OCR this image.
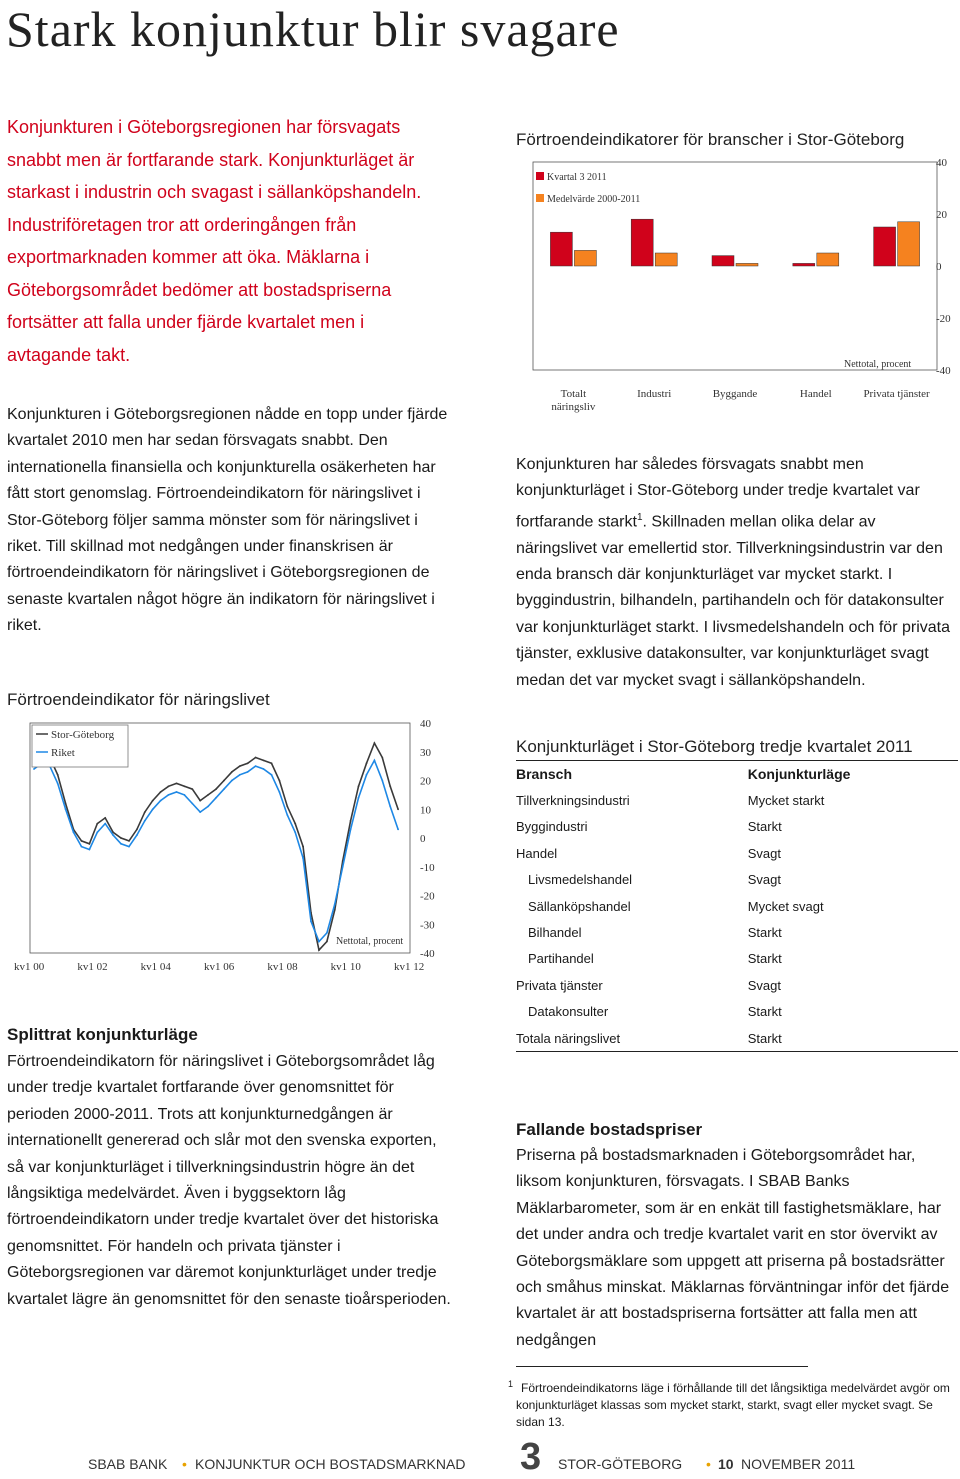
Stark konjunktur blir svagare
Konjunkturen i Göteborgsregionen har försvagats snabbt men är fortfarande stark. Konjunkturläget är starkast i industrin och svagast i sällanköpshandeln. Industriföretagen tror att orderingången från exportmarknaden kommer att öka. Mäklarna i Göteborgsområdet bedömer att bostadspriserna fortsätter att falla under fjärde kvartalet men i avtagande takt.
Konjunkturen i Göteborgsregionen nådde en topp under fjärde kvartalet 2010 men har sedan försvagats snabbt. Den internationella finansiella och konjunkturella osäkerheten har fått stort genomslag. Förtroendeindikatorn för näringslivet i Stor-Göteborg följer samma mönster som för näringslivet i riket. Till skillnad mot nedgången under finanskrisen är förtroendeindikatorn för näringslivet i Göteborgsregionen de senaste kvartalen något högre än indikatorn för näringslivet i riket.
Förtroendeindikator för näringslivet
40
30
20
10
0
-10
-20
-30
-40
kv1 00	kv1 02	kv1 04	kv1 06	kv1 08	kv1 10	kv1 12
Stor-Göteborg
Riket
Nettotal, procent
Splittrat konjunkturläge
Förtroendeindikatorn för näringslivet i Göteborgsområdet låg under tredje kvartalet fortfarande över genomsnittet för perioden 2000-2011. Trots att konjunkturnedgången är internationellt genererad och slår mot den svenska exporten, så var konjunkturläget i tillverkningsindustrin högre än det långsiktiga medelvärdet. Även i byggsektorn låg förtroendeindikatorn under tredje kvartalet över det historiska genomsnittet. För handeln och privata tjänster i Göteborgsregionen var däremot konjunkturläget under tredje kvartalet lägre än genomsnittet för den senaste tioårsperioden.
Förtroendeindikatorer för branscher i Stor-Göteborg
40
20
0
-20
-40
Kvartal 3 2011
Medelvärde 2000-2011
Nettotal, procent
Totalt näringsliv
Industri	Byggande	Handel	Privata tjänster
Konjunkturen har således försvagats snabbt men konjunkturläget i Stor-Göteborg under tredje kvartalet var fortfarande starkt$^1$. Skillnaden mellan olika delar av näringslivet var emellertid stor. Tillverkningsindustrin var den enda bransch där konjunkturläget var mycket starkt. I byggindustrin, bilhandeln, partihandeln och för datakonsulter var konjunkturläget starkt. I livsmedelshandeln och för privata tjänster, exklusive datakonsulter, var konjunkturläget svagt medan det var mycket svagt i sällanköpshandeln.
Konjunkturläget i Stor-Göteborg tredje kvartalet 2011
Bransch	Konjunkturläge
Tillverkningsindustri	Mycket starkt
Byggindustri	Starkt
Handel	Svagt
Livsmedelshandel	Svagt
Sällanköpshandel	Mycket svagt
Bilhandel	Starkt
Partihandel	Starkt
Privata tjänster	Svagt
Datakonsulter	Starkt
Totala näringslivet	Starkt
Fallande bostadspriser
Priserna på bostadsmarknaden i Göteborgsområdet har, liksom konjunkturen, försvagats. I SBAB Banks Mäklarbarometer, som är en enkät till fastighetsmäklare, har det under andra och tredje kvartalet varit en stor övervikt av Göteborgsmäklare som uppgett att priserna på bostadsrätter och småhus minskat. Mäklarnas förväntningar inför det fjärde kvartalet är att bostadspriserna fortsätter att falla men att nedgången
$^1$ Förtroendeindikatorns läge i förhållande till det långsiktiga medelvärdet avgör om konjunkturläget klassas som mycket starkt, starkt, svagt eller mycket svagt. Se sidan 13.
SBAB BANK • KONJUNKTUR OCH BOSTADSMARKNAD 3 STOR-GÖTEBORG • 10 NOVEMBER 2011
